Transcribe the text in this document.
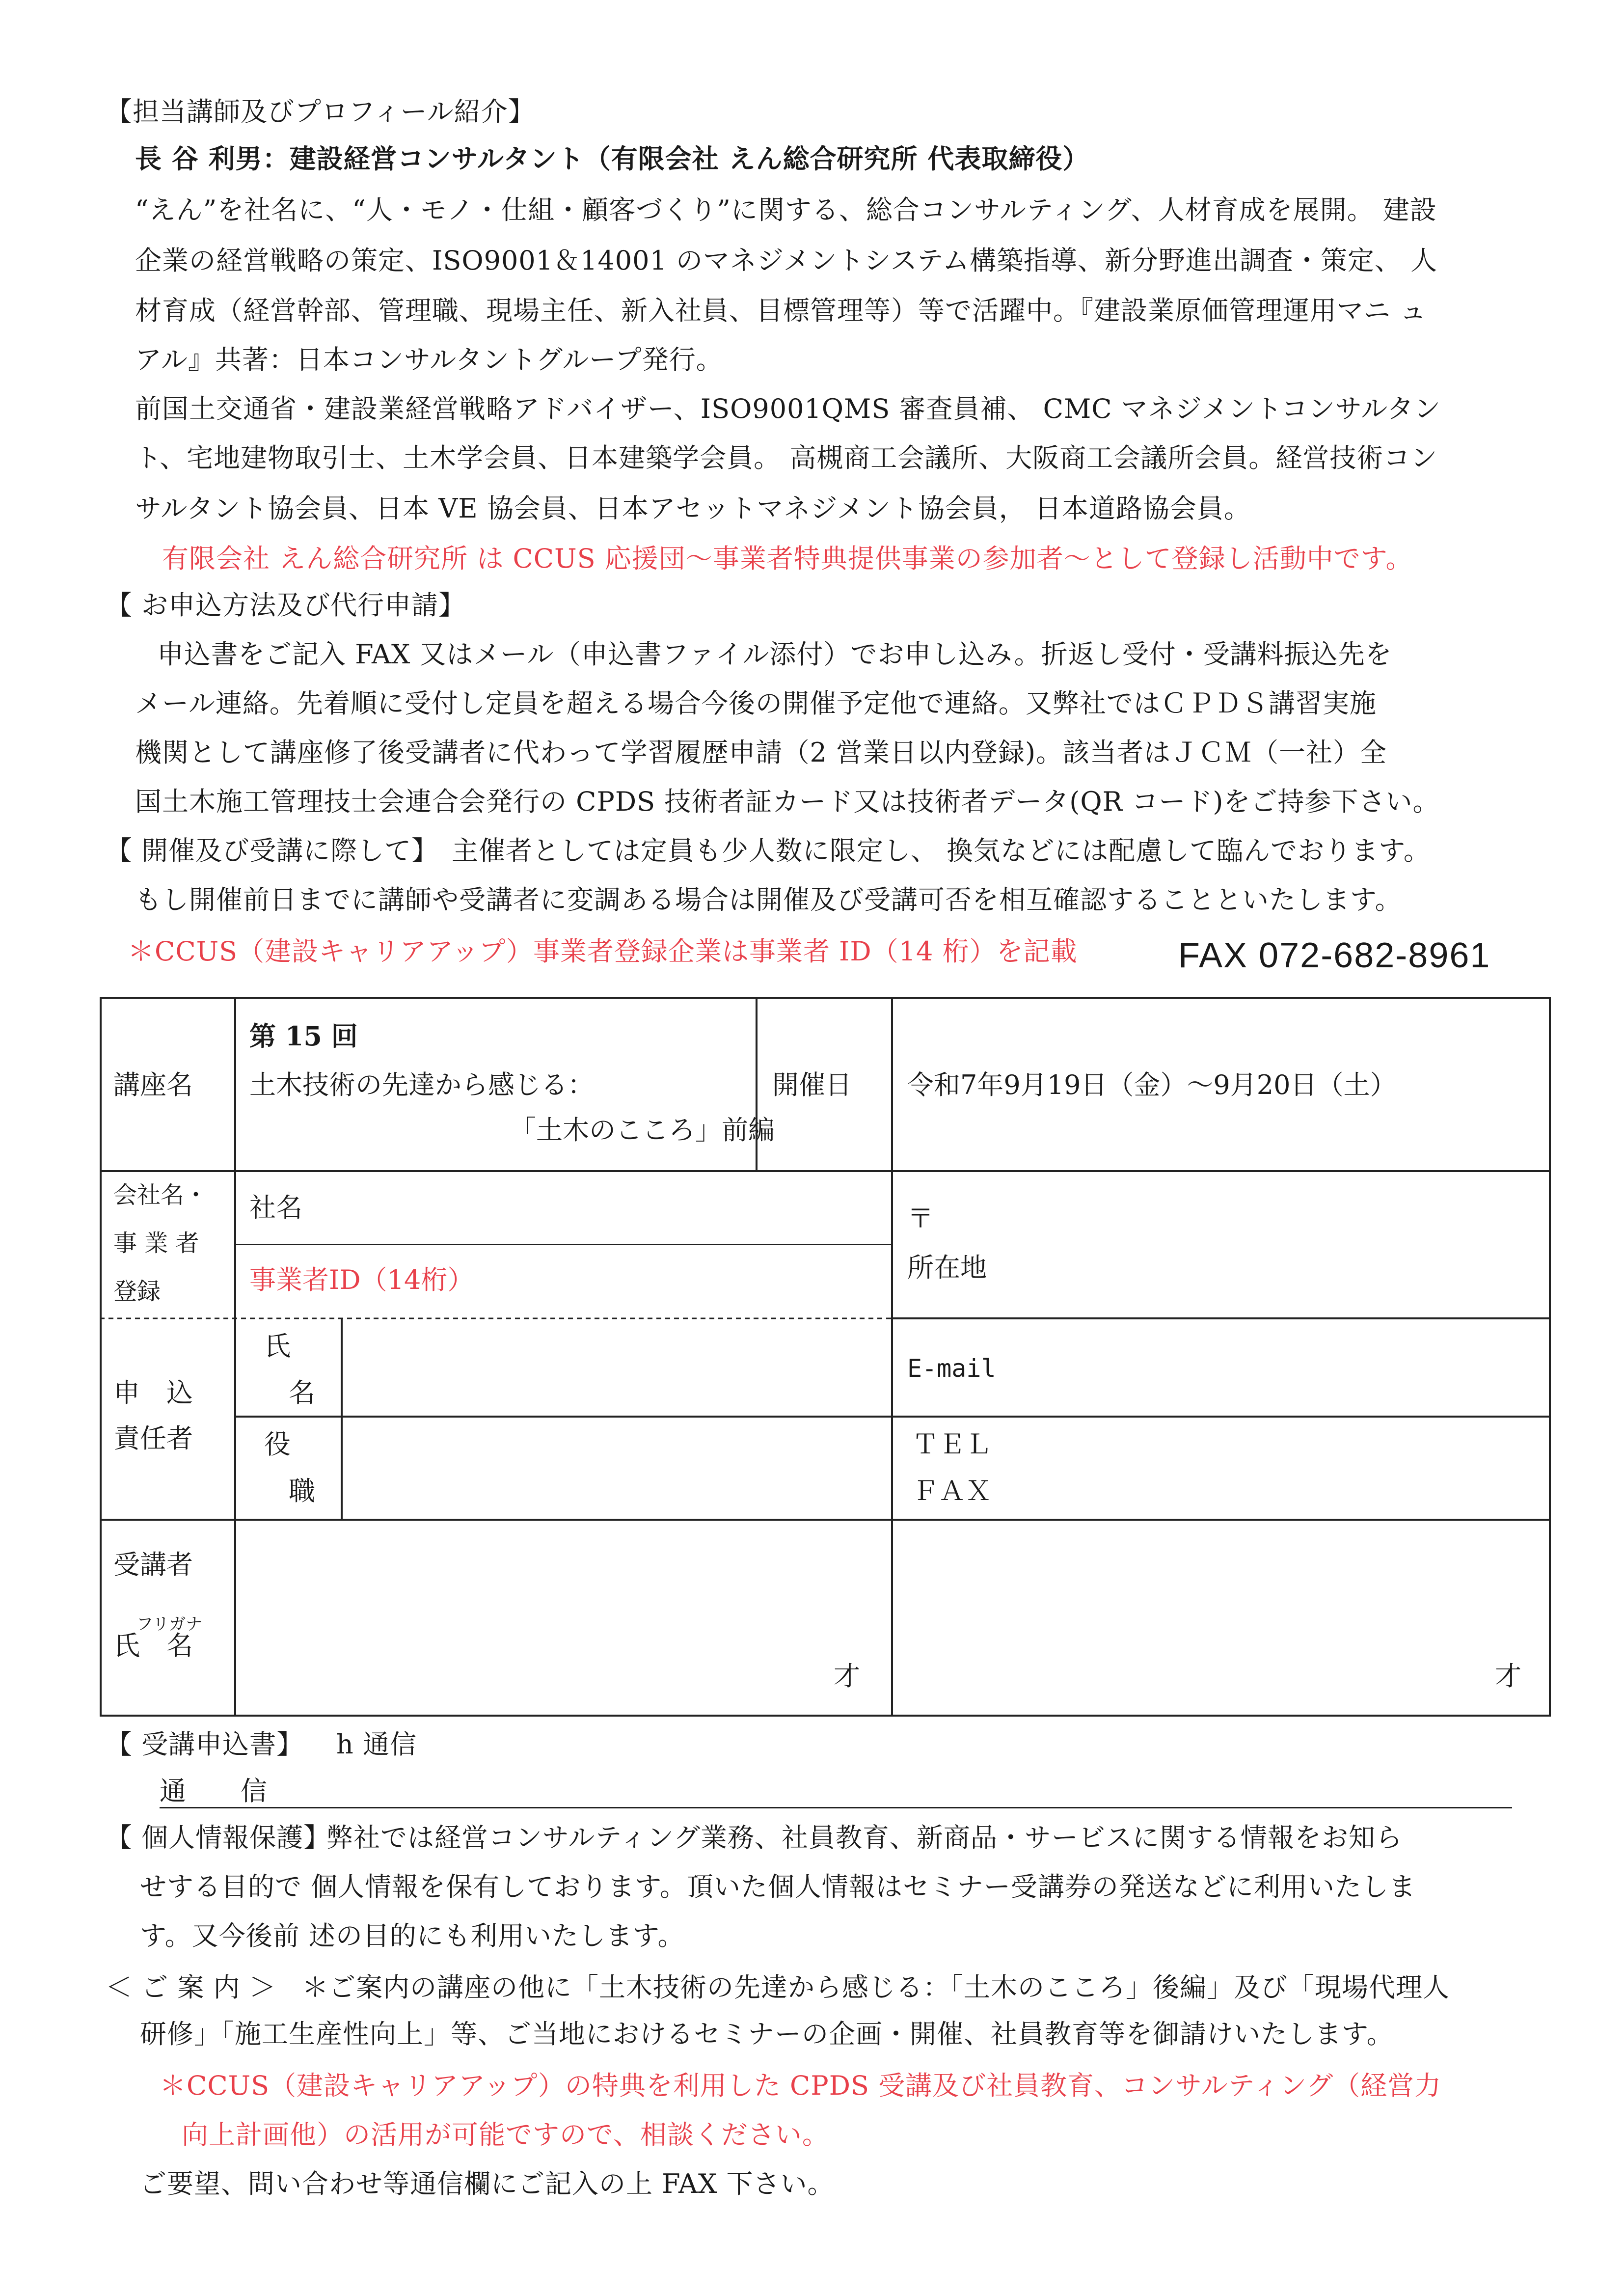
【担当講師及びプロフィール紹介】
長 谷 利男：建設経営コンサルタント（有限会社 えん総合研究所 代表取締役）
“えん”を社名に、“人・モノ・仕組・顧客づくり”に関する、総合コンサルティング、人材育成を展開。 建設
企業の経営戦略の策定、ISO9001＆14001 のマネジメントシステム構築指導、新分野進出調査・策定、 人
材育成（経営幹部、管理職、現場主任、新入社員、目標管理等）等で活躍中。『建設業原価管理運用マニ ュ
アル』共著：日本コンサルタントグループ発行。
前国土交通省・建設業経営戦略アドバイザー、ISO9001QMS 審査員補、 CMC マネジメントコンサルタン
ト、宅地建物取引士、土木学会員、日本建築学会員。 高槻商工会議所、大阪商工会議所会員。経営技術コン
サルタント協会員、日本 VE 協会員、日本アセットマネジメント協会員， 日本道路協会員。
有限会社 えん総合研究所 は CCUS 応援団～事業者特典提供事業の参加者～として登録し活動中です。
【 お申込方法及び代行申請】
申込書をご記入 FAX 又はメール（申込書ファイル添付）でお申し込み。折返し受付・受講料振込先を
メール連絡。先着順に受付し定員を超える場合今後の開催予定他で連絡。又弊社ではＣＰＤＳ講習実施
機関として講座修了後受講者に代わって学習履歴申請（2 営業日以内登録)。該当者はＪＣＭ（一社）全
国土木施工管理技士会連合会発行の CPDS 技術者証カード又は技術者データ(QR コード)をご持参下さい。
【 開催及び受講に際して】 主催者としては定員も少人数に限定し、 換気などには配慮して臨んでおります。
もし開催前日までに講師や受講者に変調ある場合は開催及び受講可否を相互確認することといたします。
＊CCUS（建設キャリアアップ）事業者登録企業は事業者 ID（14 桁）を記載	FAX 072-682-8961
講座名
第 15 回
土木技術の先達から感じる：
「土木のこころ」前編
開催日 令和7年9月19日（金）～9月20日（土）
会社名・
事 業 者
登録
社名
事業者ID（14桁）
〒
所在地
申　込
責任者
氏
名
役
職
E-mail
ＴＥＬ
ＦＡＸ
受講者
フリガナ
氏　名
才	才
【 受講申込書】 h 通信
通　　信
【 個人情報保護】
弊社では経営コンサルティング業務、社員教育、新商品・サービスに関する情報をお知ら
せする目的で 個人情報を保有しております。頂いた個人情報はセミナー受講券の発送などに利用いたしま
す。又今後前 述の目的にも利用いたします。
＜ ご 案 内 ＞ ＊ご案内の講座の他に「土木技術の先達から感じる：「土木のこころ」後編」及び「現場代理人
研修」「施工生産性向上」等、ご当地におけるセミナーの企画・開催、社員教育等を御請けいたします。
＊CCUS（建設キャリアアップ）の特典を利用した CPDS 受講及び社員教育、コンサルティング（経営力
向上計画他）の活用が可能ですので、相談ください。
ご要望、問い合わせ等通信欄にご記入の上 FAX 下さい。
